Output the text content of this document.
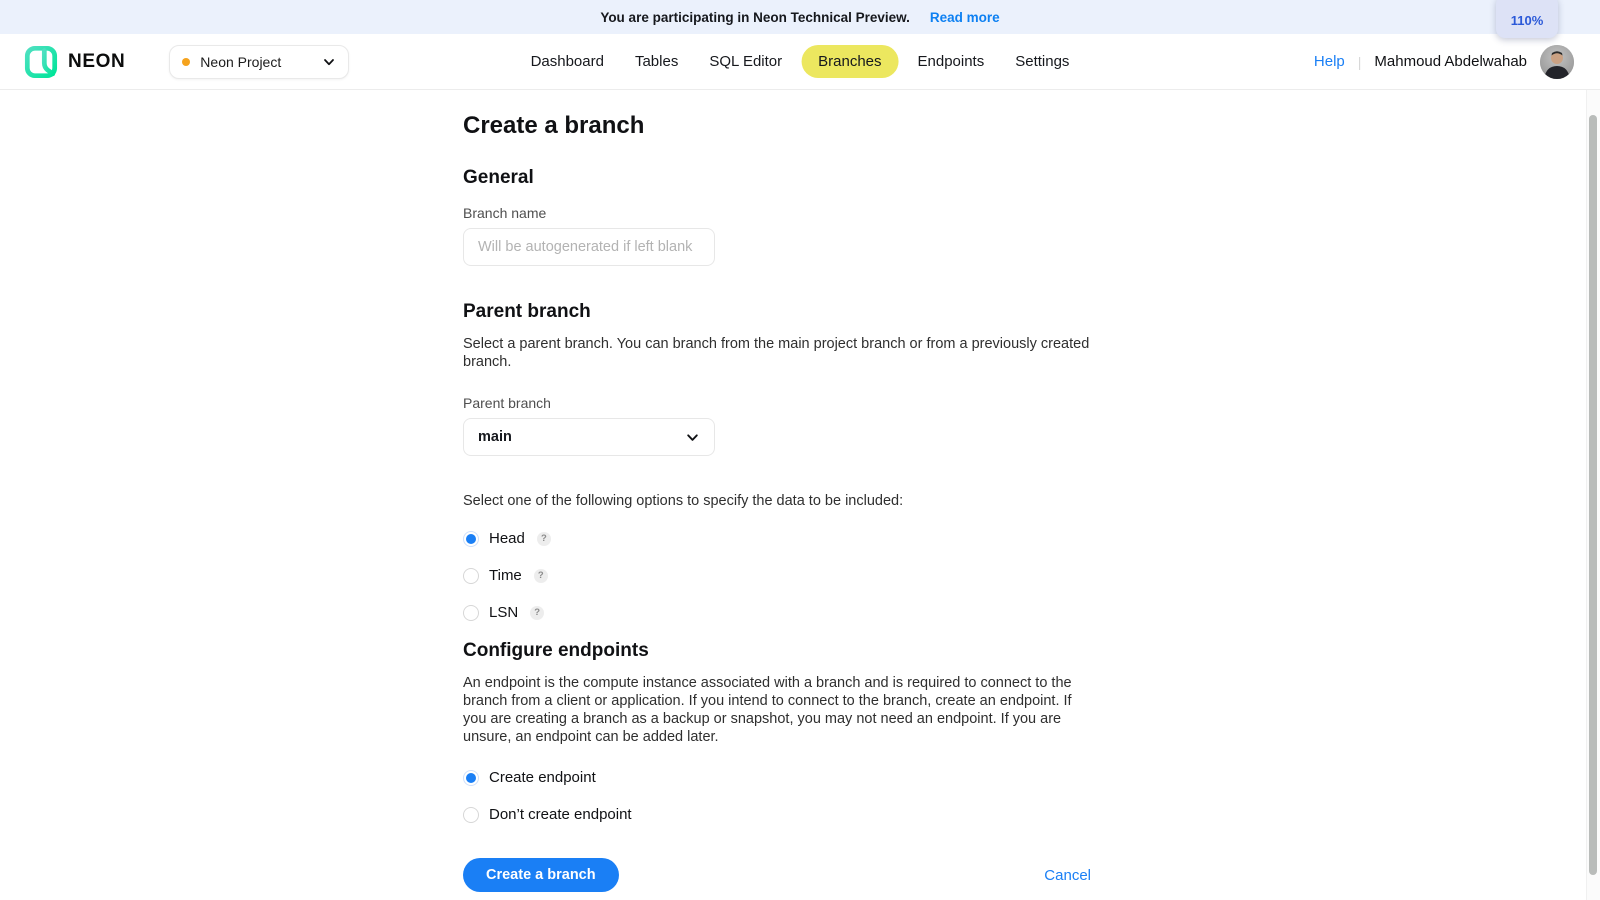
You are participating in Neon Technical Preview. Read more	110%
NEON	Neon Project	Dashboard	Tables	SQL Editor	Branches	Endpoints	Settings	Help | Mahmoud Abdelwahab
Create a branch
General
Branch name
Will be autogenerated if left blank
Parent branch

Select a parent branch. You can branch from the main project branch or from a previously created branch.

Parent branch
main

Select one of the following options to specify the data to be included:

Head	?
Time	?
LSN	?
Configure endpoints

An endpoint is the compute instance associated with a branch and is required to connect to the branch from a client or application. If you intend to connect to the branch, create an endpoint. If you are creating a branch as a backup or snapshot, you may not need an endpoint. If you are unsure, an endpoint can be added later.

Create endpoint
Don’t create endpoint
Create a branch	Cancel
